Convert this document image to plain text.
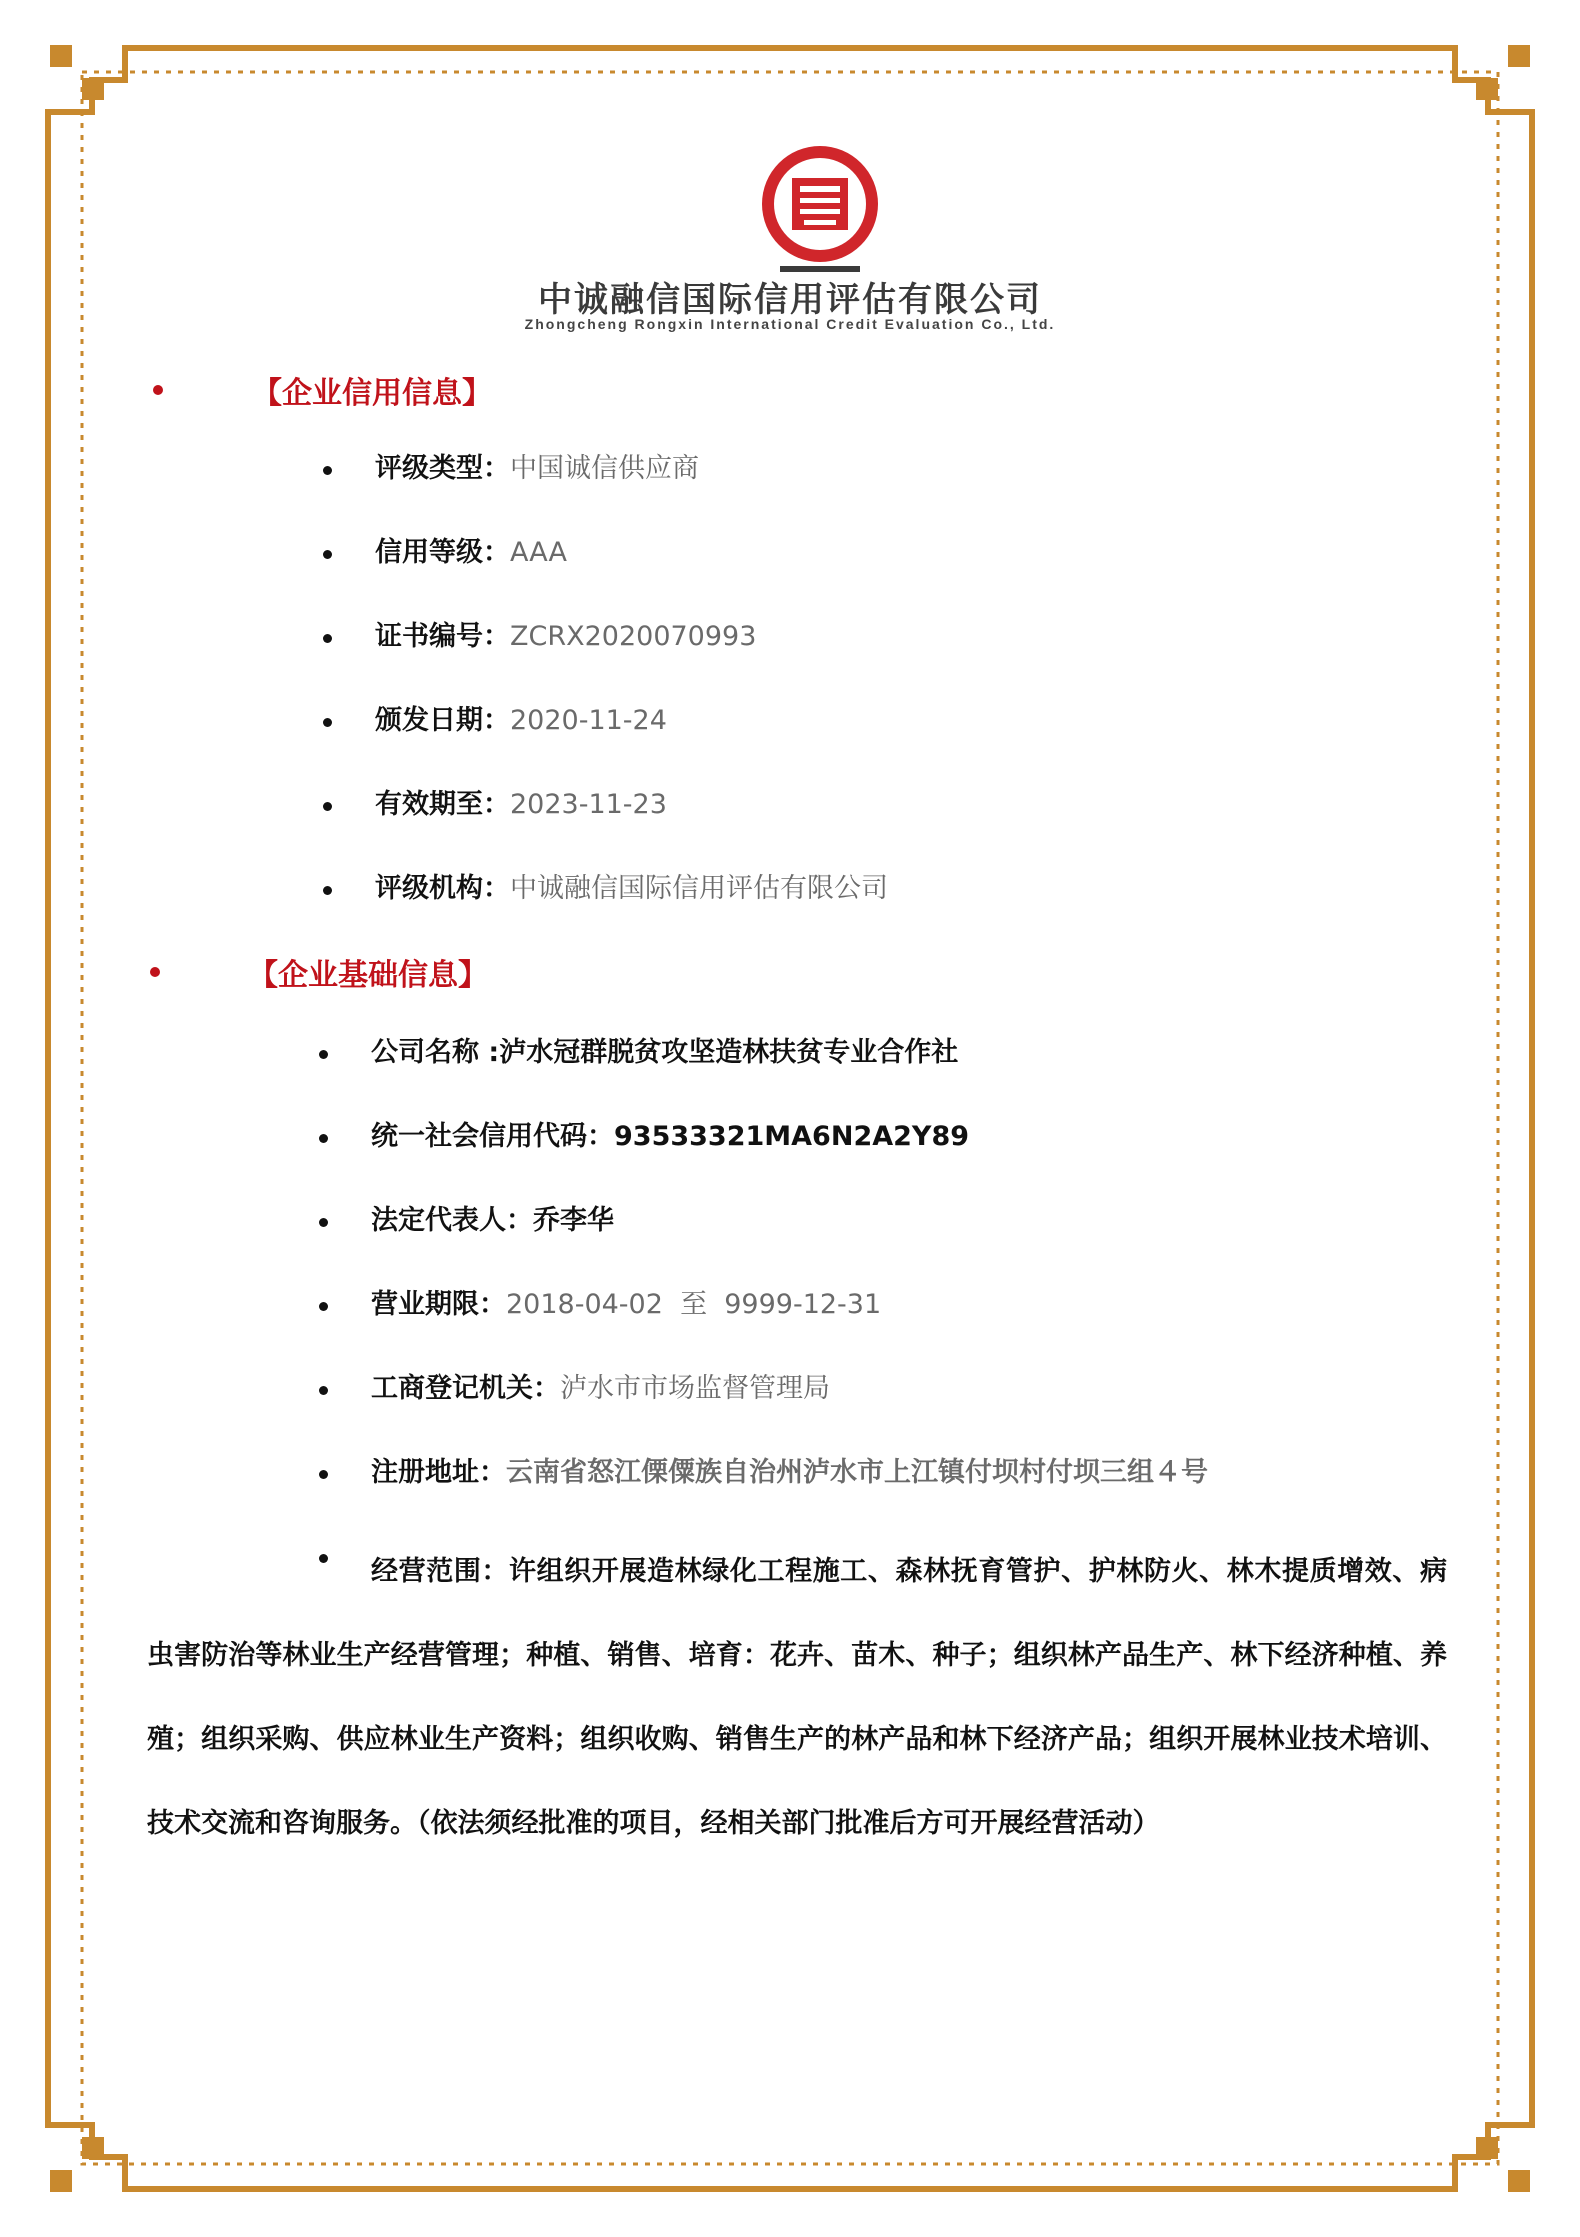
中诚融信国际信用评估有限公司
Zhongcheng Rongxin International Credit Evaluation Co., Ltd.
【企业信用信息】
评级类型：中国诚信供应商
信用等级：AAA
证书编号：ZCRX2020070993
颁发日期：2020-11-24
有效期至：2023-11-23
评级机构：中诚融信国际信用评估有限公司
【企业基础信息】
公司名称 :泸水冠群脱贫攻坚造林扶贫专业合作社
统一社会信用代码：93533321MA6N2A2Y89
法定代表人：乔李华
营业期限：2018-04-02  至  9999-12-31
工商登记机关：泸水市市场监督管理局
注册地址：云南省怒江傈僳族自治州泸水市上江镇付坝村付坝三组４号
经营范围：许组织开展造林绿化工程施工、森林抚育管护、护林防火、林木提质增效、病虫害防治等林业生产经营管理；种植、销售、培育：花卉、苗木、种子；组织林产品生产、林下经济种植、养殖；组织采购、供应林业生产资料；组织收购、销售生产的林产品和林下经济产品；组织开展林业技术培训、技术交流和咨询服务。（依法须经批准的项目，经相关部门批准后方可开展经营活动）
